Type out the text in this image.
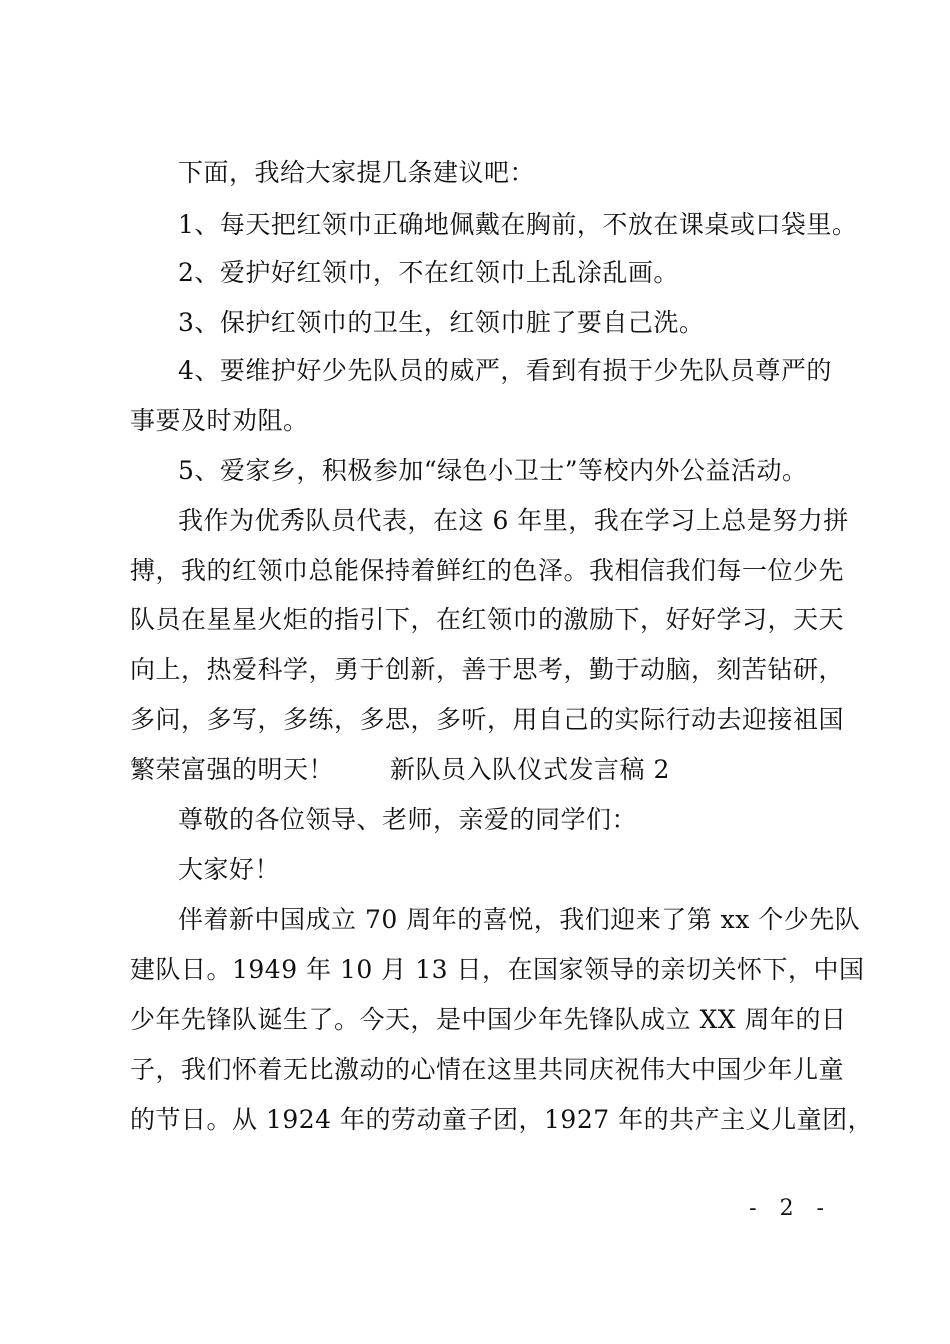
下面，我给大家提几条建议吧：
1、每天把红领巾正确地佩戴在胸前，不放在课桌或口袋里。
2、爱护好红领巾，不在红领巾上乱涂乱画。
3、保护红领巾的卫生，红领巾脏了要自己洗。
4、要维护好少先队员的威严，看到有损于少先队员尊严的
事要及时劝阻。
5、爱家乡，积极参加“绿色小卫士”等校内外公益活动。
我作为优秀队员代表，在这 6 年里，我在学习上总是努力拼
搏，我的红领巾总能保持着鲜红的色泽。我相信我们每一位少先
队员在星星火炬的指引下，在红领巾的激励下，好好学习，天天
向上，热爱科学，勇于创新，善于思考，勤于动脑，刻苦钻研，
多问，多写，多练，多思，多听，用自己的实际行动去迎接祖国
繁荣富强的明天！ 新队员入队仪式发言稿 2
尊敬的各位领导、老师，亲爱的同学们：
大家好！
伴着新中国成立 70 周年的喜悦，我们迎来了第 xx 个少先队
建队日。1949 年 10 月 13 日，在国家领导的亲切关怀下，中国
少年先锋队诞生了。今天，是中国少年先锋队成立 XX 周年的日
子，我们怀着无比激动的心情在这里共同庆祝伟大中国少年儿童
的节日。从 1924 年的劳动童子团，1927 年的共产主义儿童团，
- 2 -
